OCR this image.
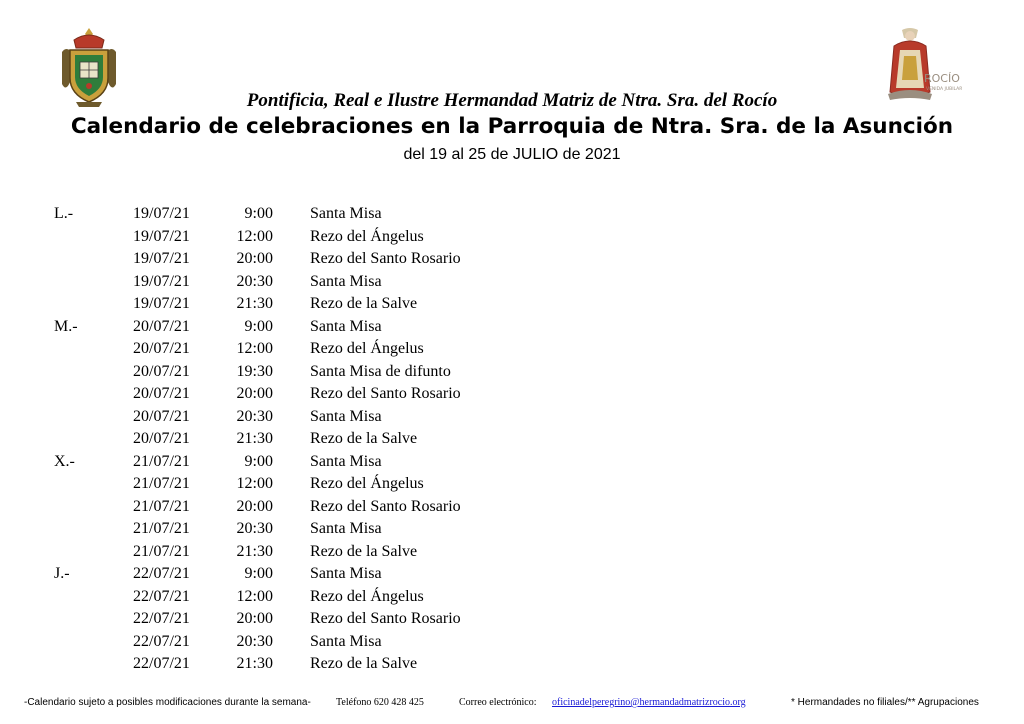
ROCÍO
VENIDA JUBILAR
Pontificia, Real e Ilustre Hermandad Matriz de Ntra. Sra. del Rocío
Calendario de celebraciones en la Parroquia de Ntra. Sra. de la Asunción
del 19 al 25 de JULIO de 2021
L.-	19/07/21	9:00 Santa Misa
19/07/21	12:00 Rezo del Ángelus
19/07/21	20:00 Rezo del Santo Rosario
19/07/21	20:30 Santa Misa
19/07/21	21:30 Rezo de la Salve
M.-	20/07/21	9:00 Santa Misa
20/07/21	12:00 Rezo del Ángelus
20/07/21	19:30 Santa Misa de difunto
20/07/21	20:00 Rezo del Santo Rosario
20/07/21	20:30 Santa Misa
20/07/21	21:30 Rezo de la Salve
X.-	21/07/21	9:00 Santa Misa
21/07/21	12:00 Rezo del Ángelus
21/07/21	20:00 Rezo del Santo Rosario
21/07/21	20:30 Santa Misa
21/07/21	21:30 Rezo de la Salve
J.-	22/07/21	9:00 Santa Misa
22/07/21	12:00 Rezo del Ángelus
22/07/21	20:00 Rezo del Santo Rosario
22/07/21	20:30 Santa Misa
22/07/21	21:30 Rezo de la Salve
-Calendario sujeto a posibles modificaciones durante la semana-	Teléfono 620 428 425	Correo electrónico: oficinadelperegrino@hermandadmatrizrocio.org	* Hermandades no filiales/** Agrupaciones
